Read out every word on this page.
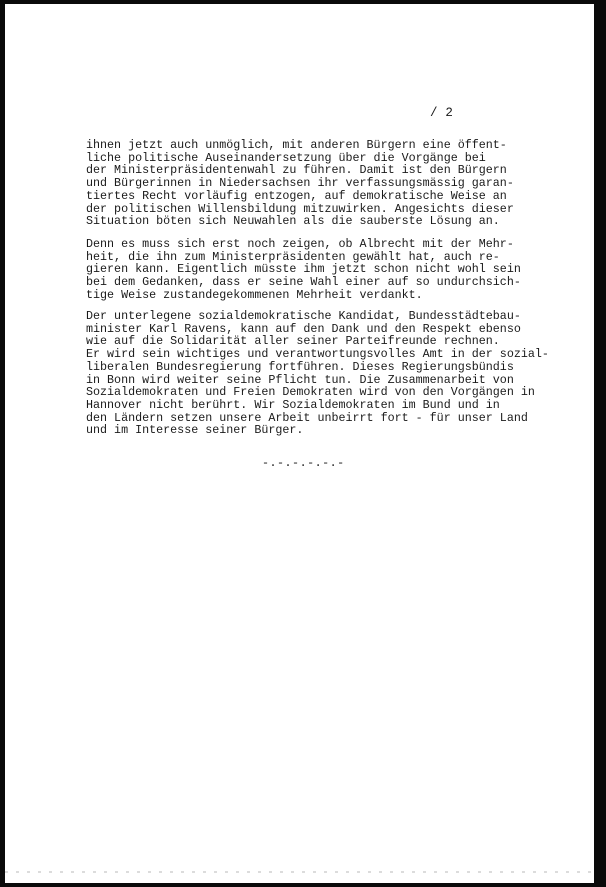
/ 2
ihnen jetzt auch unmöglich, mit anderen Bürgern eine öffent-
liche politische Auseinandersetzung über die Vorgänge bei
der Ministerpräsidentenwahl zu führen. Damit ist den Bürgern
und Bürgerinnen in Niedersachsen ihr verfassungsmässig garan-
tiertes Recht vorläufig entzogen, auf demokratische Weise an
der politischen Willensbildung mitzuwirken. Angesichts dieser
Situation böten sich Neuwahlen als die sauberste Lösung an.
Denn es muss sich erst noch zeigen, ob Albrecht mit der Mehr-
heit, die ihn zum Ministerpräsidenten gewählt hat, auch re-
gieren kann. Eigentlich müsste ihm jetzt schon nicht wohl sein
bei dem Gedanken, dass er seine Wahl einer auf so undurchsich-
tige Weise zustandegekommenen Mehrheit verdankt.
Der unterlegene sozialdemokratische Kandidat, Bundesstädtebau-
minister Karl Ravens, kann auf den Dank und den Respekt ebenso
wie auf die Solidarität aller seiner Parteifreunde rechnen.
Er wird sein wichtiges und verantwortungsvolles Amt in der sozial-
liberalen Bundesregierung fortführen. Dieses Regierungsbündis
in Bonn wird weiter seine Pflicht tun. Die Zusammenarbeit von
Sozialdemokraten und Freien Demokraten wird von den Vorgängen in
Hannover nicht berührt. Wir Sozialdemokraten im Bund und in
den Ländern setzen unsere Arbeit unbeirrt fort - für unser Land
und im Interesse seiner Bürger.
-.-.-.-.-.-
